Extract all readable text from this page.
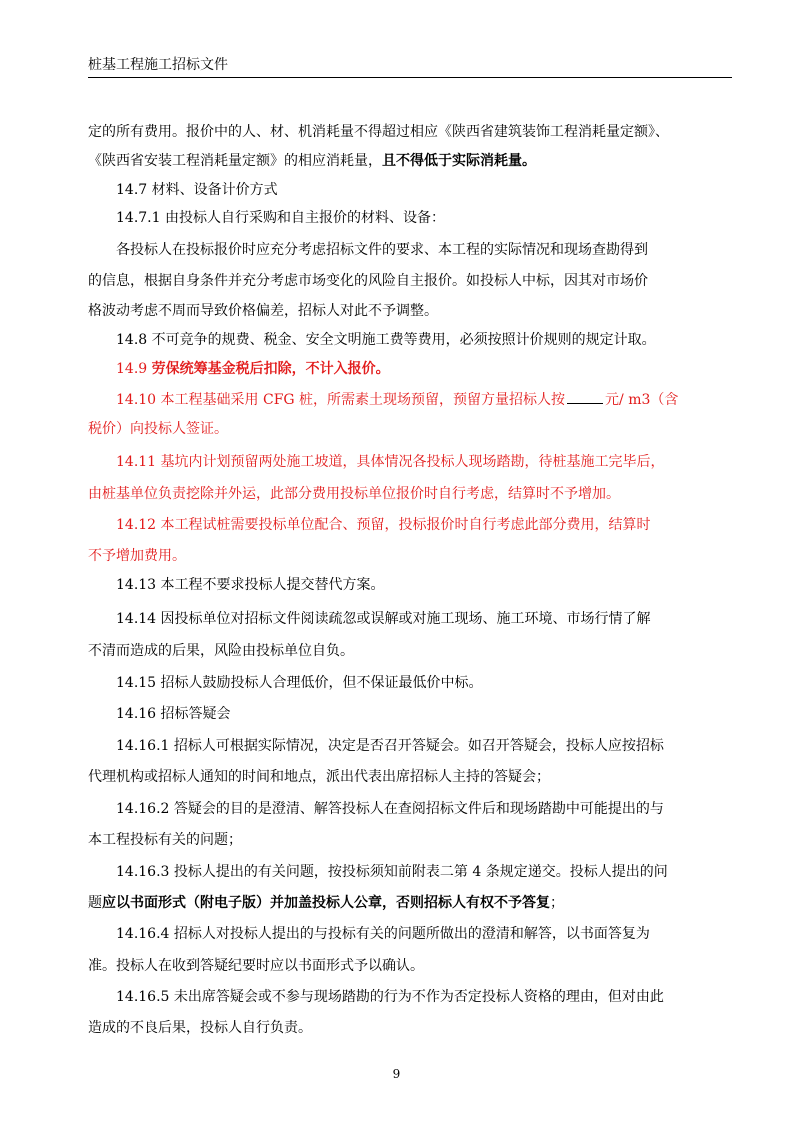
桩基工程施工招标文件
定的所有费用。报价中的人、材、机消耗量不得超过相应《陕西省建筑装饰工程消耗量定额》、
《陕西省安装工程消耗量定额》的相应消耗量，且不得低于实际消耗量。
14.7 材料、设备计价方式
14.7.1 由投标人自行采购和自主报价的材料、设备：
各投标人在投标报价时应充分考虑招标文件的要求、本工程的实际情况和现场查勘得到
的信息，根据自身条件并充分考虑市场变化的风险自主报价。如投标人中标，因其对市场价
格波动考虑不周而导致价格偏差，招标人对此不予调整。
14.8 不可竞争的规费、税金、安全文明施工费等费用，必须按照计价规则的规定计取。
14.9 劳保统筹基金税后扣除，不计入报价。
14.10 本工程基础采用 CFG 桩，所需素土现场预留，预留方量招标人按	元/ m3（含
税价）向投标人签证。
14.11 基坑内计划预留两处施工坡道，具体情况各投标人现场踏勘，待桩基施工完毕后，
由桩基单位负责挖除并外运，此部分费用投标单位报价时自行考虑，结算时不予增加。
14.12 本工程试桩需要投标单位配合、预留，投标报价时自行考虑此部分费用，结算时
不予增加费用。
14.13 本工程不要求投标人提交替代方案。
14.14 因投标单位对招标文件阅读疏忽或误解或对施工现场、施工环境、市场行情了解
不清而造成的后果，风险由投标单位自负。
14.15 招标人鼓励投标人合理低价，但不保证最低价中标。
14.16 招标答疑会
14.16.1 招标人可根据实际情况，决定是否召开答疑会。如召开答疑会，投标人应按招标
代理机构或招标人通知的时间和地点，派出代表出席招标人主持的答疑会；
14.16.2 答疑会的目的是澄清、解答投标人在查阅招标文件后和现场踏勘中可能提出的与
本工程投标有关的问题；
14.16.3 投标人提出的有关问题，按投标须知前附表二第 4 条规定递交。投标人提出的问
题应以书面形式（附电子版）并加盖投标人公章，否则招标人有权不予答复；
14.16.4 招标人对投标人提出的与投标有关的问题所做出的澄清和解答，以书面答复为
准。投标人在收到答疑纪要时应以书面形式予以确认。
14.16.5 未出席答疑会或不参与现场踏勘的行为不作为否定投标人资格的理由，但对由此
造成的不良后果，投标人自行负责。
9
